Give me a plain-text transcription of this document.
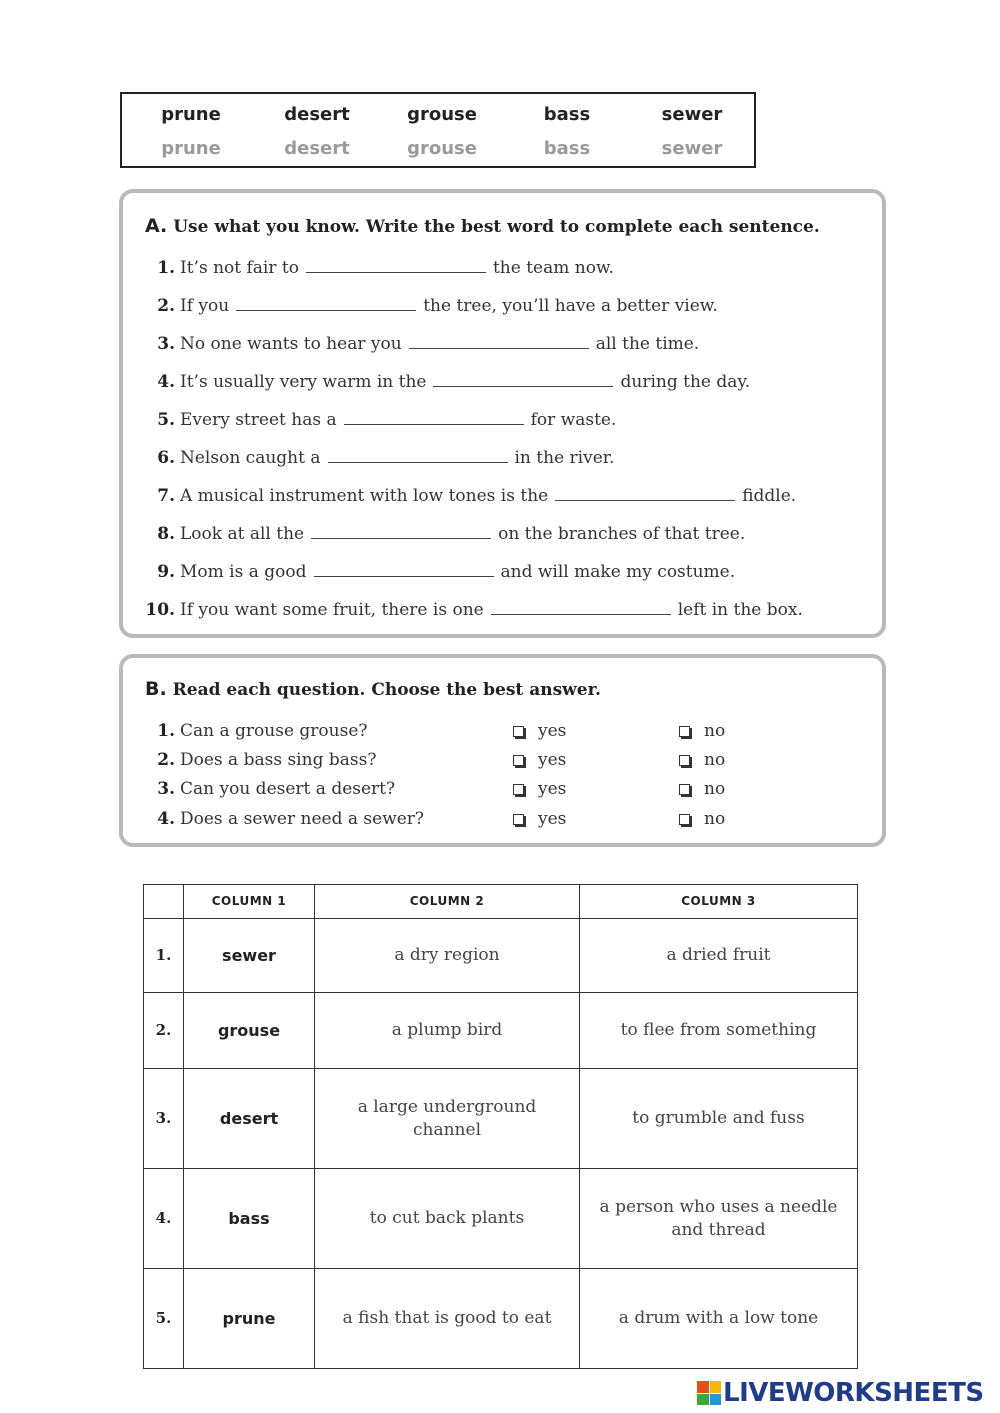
prune	desert	grouse	bass	sewer
prune	desert	grouse	bass	sewer
A. Use what you know. Write the best word to complete each sentence.
1. It’s not fair to	the team now.
2. If you	the tree, you’ll have a better view.
3. No one wants to hear you	all the time.
4. It’s usually very warm in the	during the day.
5. Every street has a	for waste.
6. Nelson caught a	in the river.
7. A musical instrument with low tones is the	fiddle.
8. Look at all the	on the branches of that tree.
9. Mom is a good	and will make my costume.
10. If you want some fruit, there is one	left in the box.
B. Read each question. Choose the best answer.
1. Can a grouse grouse?	yes	no
2. Does a bass sing bass?	yes	no
3. Can you desert a desert?	yes	no
4. Does a sewer need a sewer?	yes	no
	COLUMN 1	COLUMN 2	COLUMN 3
1.	sewer	a dry region	a dried fruit
2.	grouse	a plump bird	to flee from something
3.	desert	a large underground channel	to grumble and fuss
4.	bass	to cut back plants	a person who uses a needle and thread
5.	prune	a fish that is good to eat	a drum with a low tone
LIVEWORKSHEETS
